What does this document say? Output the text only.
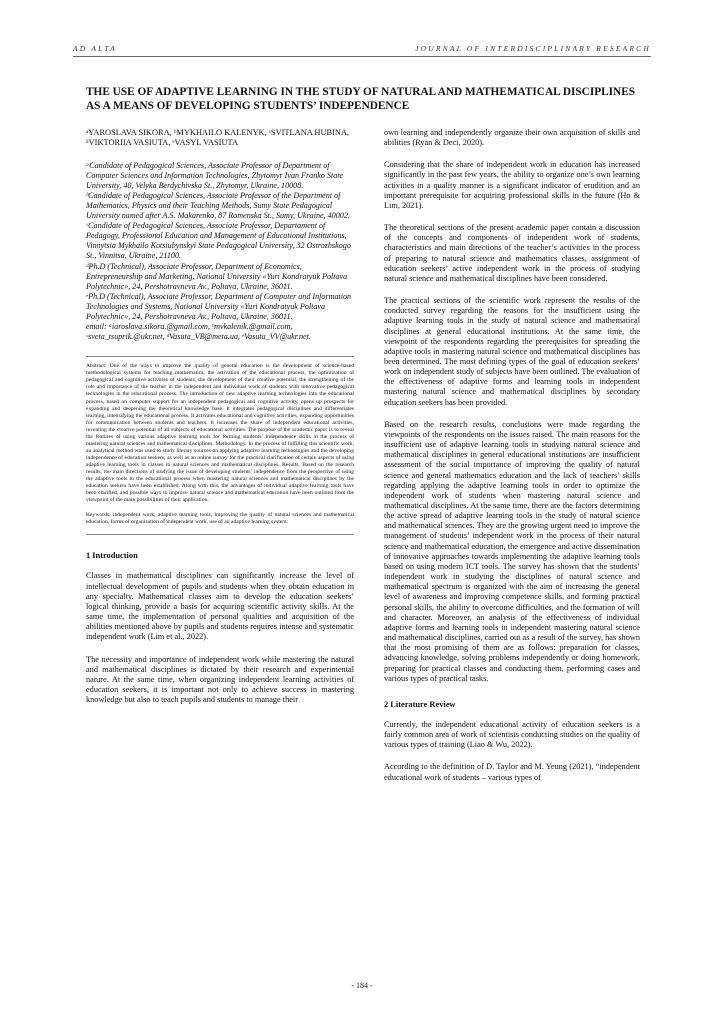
AD ALTA	JOURNAL OF INTERDISCIPLINARY RESEARCH
THE USE OF ADAPTIVE LEARNING IN THE STUDY OF NATURAL AND MATHEMATICAL DISCIPLINES AS A MEANS OF DEVELOPING STUDENTS’ INDEPENDENCE
ᵃYAROSLAVA SIKORA, ᵇMYKHAILO KALENYK, ᶜSVITLANA HUBINA, ᵈVIKTORIIA VASIUTA, ᵉVASYL VASIUTA

ᵃCandidate of Pedagogical Sciences, Associate Professor of Department of Computer Sciences and Information Technologies, Zhytomyr Ivan Franko State University, 40, Velyka Berdychivska St., Zhytomyr, Ukraine, 10008.

ᵇCandidate of Pedagogical Sciences, Associate Professor of the Department of Mathematics, Physics and their Teaching Methods, Sumy State Pedagogical University named after A.S. Makarenko, 87 Romenska St., Sumy, Ukraine, 40002.

ᶜCandidate of Pedagogical Sciences, Associate Professor, Departament of Pedagogy, Professional Education and Management of Educational Institutions, Vinnytsia Mykhailo Kotsiubynskyi State Pedagogical University, 32 Ostrozhskogo St., Vinnitsa, Ukraine, 21100.

ᵈPh.D (Technical), Associate Professor, Department of Economics, Entrepreneurship and Marketing, National University «Yuri Kondratyuk Poltava Polytechnic», 24, Pershotravneva Av., Poltava, Ukraine, 36011.

ᵉPh.D (Technical), Associate Professor, Department of Computer and Information Technologies and Systems, National University «Yuri Kondratyuk Poltava Polytechnic», 24, Pershotravneva Av., Poltava, Ukraine, 36011.

email: ᵃiaroslava.sikora.@gmail.com, ᵇmvkalenik.@gmail.com, ᶜsveta_tsuprik.@ukr.net, ᵈVasuta_VB@meta.ua, ᵉVasuta_VV@ukr.net.

Abstract: One of the ways to improve the quality of general education is the development of science-based methodological systems for teaching mathematics, the activation of the educational process, the optimization of pedagogical and cognitive activities of students, the development of their creative potential, the strengthening of the role and importance of the teacher in the independent and individual work of students with innovative pedagogical technologies in the educational process. The introduction of new adaptive learning technologies into the educational process, based on computer support for an independent pedagogical and cognitive activity, opens up prospects for expanding and deepening the theoretical knowledge base. It integrates pedagogical disciplines and differentiates learning, intensifying the educational process. It activates educational and cognitive activities, expanding opportunities for communication between students and teachers. It increases the share of independent educational activities, revealing the creative potential of all subjects of educational activities. The purpose of the academic paper is to reveal the features of using various adaptive learning tools for forming students’ independence skills in the process of mastering natural sciences and mathematical disciplines. Methodology. In the process of fulfilling this scientific work, an analytical method was used to study literary sources on applying adaptive learning technologies and the developing independence of education seekers, as well as an online survey for the practical clarification of certain aspects of using adaptive learning tools in classes in natural sciences and mathematical disciplines. Results. Based on the research results, the main directions of studying the issue of developing students’ independence from the perspective of using the adaptive tools in the educational process when mastering natural sciences and mathematical disciplines by the education seekers have been established. Along with this, the advantages of individual adaptive learning tools have been clarified, and possible ways to improve natural science and mathematical education have been outlined from the viewpoint of the main possibilities of their application.
Keywords: independent work, adaptive learning tools, improving the quality of natural sciences and mathematical education, forms of organization of independent work, use of an adaptive learning system.
1 Introduction

Classes in mathematical disciplines can significantly increase the level of intellectual development of pupils and students when they obtain education in any specialty. Mathematical classes aim to develop the education seekers’ logical thinking, provide a basis for acquiring scientific activity skills. At the same time, the implementation of personal qualities and acquisition of the abilities mentioned above by pupils and students requires intense and systematic independent work (Lim et al., 2022).

The necessity and importance of independent work while mastering the natural and mathematical disciplines is dictated by their research and experimental nature. At the same time, when organizing independent learning activities of education seekers, it is important not only to achieve success in mastering knowledge but also to teach pupils and students to manage their

own learning and independently organize their own acquisition of skills and abilities (Ryan & Deci, 2020).

Considering that the share of independent work in education has increased significantly in the past few years, the ability to organize one’s own learning activities in a quality manner is a significant indicator of erudition and an important prerequisite for acquiring professional skills in the future (Ho & Lim, 2021).

The theoretical sections of the present academic paper contain a discussion of the concepts and components of independent work of students, characteristics and main directions of the teacher’s activities in the process of preparing to natural science and mathematics classes, assignment of education seekers’ active independent work in the process of studying natural science and mathematical disciplines have been considered.

The practical sections of the scientific work represent the results of the conducted survey regarding the reasons for the insufficient using the adaptive learning tools in the study of natural science and mathematical disciplines at general educational institutions. At the same time, the viewpoint of the respondents regarding the prerequisites for spreading the adaptive tools in mastering natural science and mathematical disciplines has been determined. The most defining types of the goal of education seekers’ work on independent study of subjects have been outlined. The evaluation of the effectiveness of adaptive forms and learning tools in independent mastering natural science and mathematical disciplines by secondary education seekers has been provided.

Based on the research results, conclusions were made regarding the viewpoints of the respondents on the issues raised. The main reasons for the insufficient use of adaptive learning tools in studying natural science and mathematical disciplines in general educational institutions are insufficient assessment of the social importance of improving the quality of natural science and general mathematics education and the lack of teachers’ skills regarding applying the adaptive learning tools in order to optimize the independent work of students when mastering natural science and mathematical disciplines. At the same time, there are the factors determining the active spread of adaptive learning tools in the study of natural science and mathematical sciences. They are the growing urgent need to improve the management of students’ independent work in the process of their natural science and mathematical education, the emergence and active dissemination of innovative approaches towards implementing the adaptive learning tools based on using modern ICT tools. The survey has shown that the students’ independent work in studying the disciplines of natural science and mathematical spectrum is organized with the aim of increasing the general level of awareness and improving competence skills, and forming practical personal skills, the ability to overcome difficulties, and the formation of will and character. Moreover, an analysis of the effectiveness of individual adaptive forms and learning tools in independent mastering natural science and mathematical disciplines, carried out as a result of the survey, has shown that the most promising of them are as follows: preparation for classes, advancing knowledge, solving problems independently or doing homework, preparing for practical classes and conducting them, performing cases and various types of practical tasks.

2 Literature Review

Currently, the independent educational activity of education seekers is a fairly common area of work of scientists conducting studies on the quality of various types of training (Liao & Wu, 2022).

According to the definition of D. Taylor and M. Yeung (2021), “independent educational work of students – various types of

- 184 -
